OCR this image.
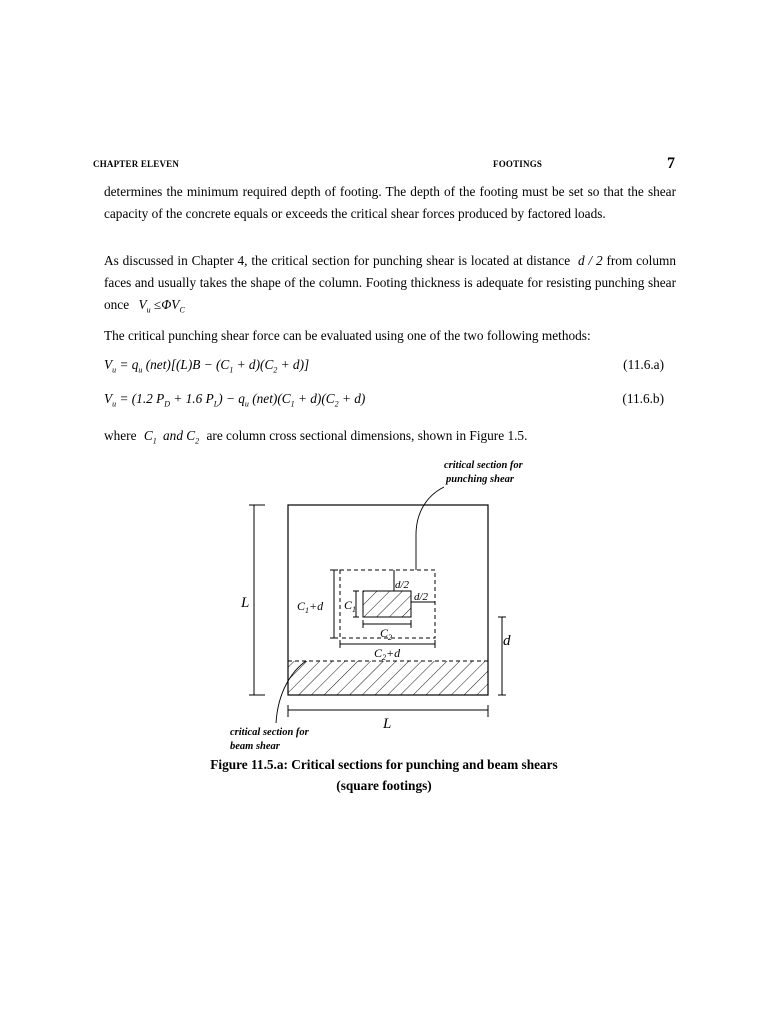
CHAPTER ELEVEN	FOOTINGS	7
determines the minimum required depth of footing. The depth of the footing must be set so that the shear capacity of the concrete equals or exceeds the critical shear forces produced by factored loads.
As discussed in Chapter 4, the critical section for punching shear is located at distance d / 2 from column faces and usually takes the shape of the column. Footing thickness is adequate for resisting punching shear once $V_u \le\Phi V_C$
The critical punching shear force can be evaluated using one of the two following methods:
$V_u = q_u$ $(net)[(L)B - (C_1 + d)(C_2 + d)]$	(11.6.a)
$V_u = (1.2$ $P_D + 1.6$ $P_L) - q_u$ $(net)(C_1 + d)(C_2 + d)$	(11.6.b)
where $C_1$ and $C_2$ are column cross sectional dimensions, shown in Figure 1.5.
L
L
d
$C_1+d$ $C_1$
d/2
d/2
$C_2$
$C_2+d$
critical section for
punching shear
critical section for
beam shear
Figure 11.5.a: Critical sections for punching and beam shears
(square footings)
